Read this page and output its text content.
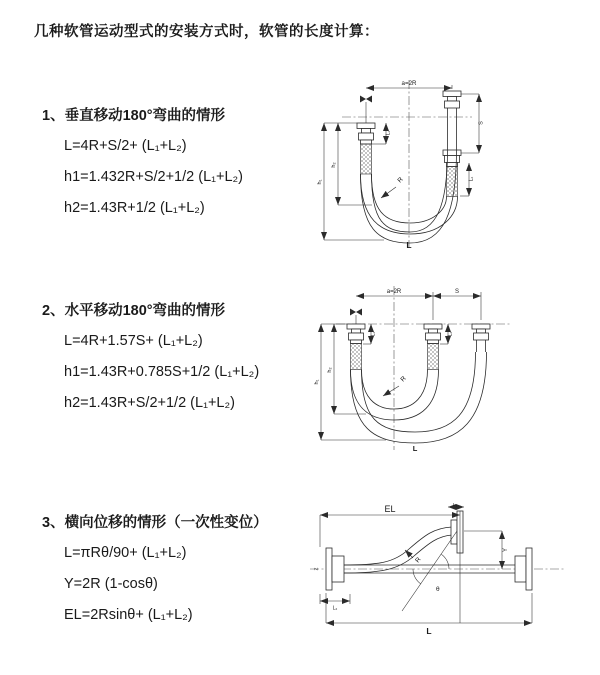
几种软管运动型式的安装方式时，软管的长度计算：
1、垂直移动180°弯曲的情形
L=4R+S/2+ (L₁+L₂)
h1=1.432R+S/2+1/2 (L₁+L₂)
h2=1.43R+1/2 (L₁+L₂)
2、水平移动180°弯曲的情形
L=4R+1.57S+ (L₁+L₂)
h1=1.43R+0.785S+1/2 (L₁+L₂)
h2=1.43R+S/2+1/2 (L₁+L₂)
3、横向位移的情形（一次性变位）
L=πRθ/90+ (L₁+L₂)
Y=2R (1-cosθ)
EL=2Rsinθ+ (L₁+L₂)
a=2R
R
h₁
h₂
L₁
S
L₂
L
a=2R	S
R
h₁
h₂
L₁	L₂
L
Z
L₂
θ
R
EL	L₁
Y
L
